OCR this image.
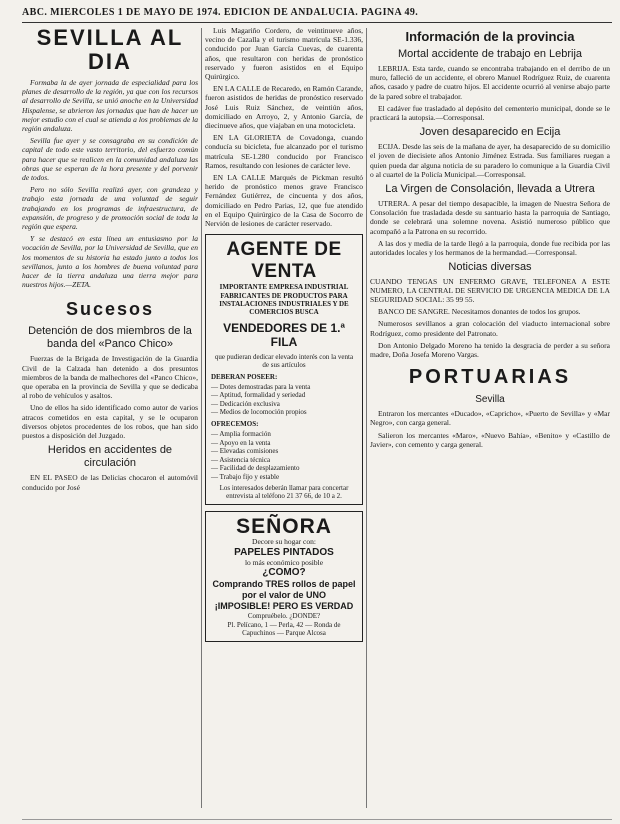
ABC. MIERCOLES 1 DE MAYO DE 1974. EDICION DE ANDALUCIA. PAGINA 49.
SEVILLA AL DIA

Formaba la de ayer jornada de especialidad para los planes de desarrollo de la región, ya que con los recursos al desarrollo de Sevilla, se unió anoche en la Universidad Hispalense, se abrieron las jornadas que han de hacer un mejor estudio con el cual se atienda a los problemas de la región andaluza.

Sevilla fue ayer y se consagraba en su condición de capital de todo este vasto territorio, del esfuerzo común para hacer que se realicen en la comunidad andaluza las obras que se esperan de la hora presente y del porvenir de todos.

Pero no sólo Sevilla realizó ayer, con grandeza y trabajo esta jornada de una voluntad de seguir trabajando en los programas de infraestructura, de expansión, de progreso y de promoción social de toda la región que espera.

Y se destacó en esta línea un entusiasmo por la vocación de Sevilla, por la Universidad de Sevilla, que en los momentos de su historia ha estado junto a todos los sevillanos, junto a los hombres de buena voluntad para hacer de la tierra andaluza una tierra mejor para nuestros hijos.—ZETA.

Sucesos
Detención de dos miembros de la banda del «Panco Chico»

Fuerzas de la Brigada de Investigación de la Guardia Civil de la Calzada han detenido a dos presuntos miembros de la banda de malhechores del «Panco Chico», que operaba en la provincia de Sevilla y que se dedicaba al robo de vehículos y asaltos.

Uno de ellos ha sido identificado como autor de varios atracos cometidos en esta capital, y se le ocuparon diversos objetos procedentes de los robos, que han sido puestos a disposición del Juzgado.

Heridos en accidentes de circulación

EN EL PASEO de las Delicias chocaron el automóvil conducido por José

Luis Magariño Cordero, de veintinueve años, vecino de Cazalla y el turismo matrícula SE-1.336, conducido por Juan García Cuevas, de cuarenta años, que resultaron con heridas de pronóstico reservado y fueron asistidos en el Equipo Quirúrgico.

EN LA CALLE de Recaredo, en Ramón Carande, fueron asistidos de heridas de pronóstico reservado José Luis Ruiz Sánchez, de veintiún años, domiciliado en Arroyo, 2, y Antonio García, de diecinueve años, que viajaban en una motocicleta.

EN LA GLORIETA de Covadonga, cuando conducía su bicicleta, fue alcanzado por el turismo matrícula SE-1.280 conducido por Francisco Ramos, resultando con lesiones de carácter leve.

EN LA CALLE Marqués de Pickman resultó herido de pronóstico menos grave Francisco Fernández Gutiérrez, de cincuenta y dos años, domiciliado en Pedro Parias, 12, que fue atendido en el Equipo Quirúrgico de la Casa de Socorro de Nervión de lesiones de carácter reservado.

AGENTE DE VENTA
IMPORTANTE EMPRESA INDUSTRIAL
FABRICANTES DE PRODUCTOS PARA INSTALACIONES INDUSTRIALES Y DE COMERCIOS BUSCA
VENDEDORES DE 1.ª FILA
que pudieran dedicar elevado interés con la venta de sus artículos
DEBERAN POSEER:
— Dotes demostradas para la venta
— Aptitud, formalidad y seriedad
— Dedicación exclusiva
— Medios de locomoción propios
OFRECEMOS:
— Amplia formación
— Apoyo en la venta
— Elevadas comisiones
— Asistencia técnica
— Facilidad de desplazamiento
— Trabajo fijo y estable
Los interesados deberán llamar para concertar entrevista al teléfono 21 37 66, de 10 a 2.
SEÑORA
Decore su hogar con:
PAPELES PINTADOS
lo más económico posible
¿COMO?
Comprando TRES rollos de papel por el valor de UNO
¡IMPOSIBLE! PERO ES VERDAD
Compruébelo. ¿DONDE?
Pl. Pelícano, 1 — Perla, 42 — Ronda de Capuchinos — Parque Alcosa
Información de la provincia
Mortal accidente de trabajo en Lebrija

LEBRIJA. Esta tarde, cuando se encontraba trabajando en el derribo de un muro, falleció de un accidente, el obrero Manuel Rodríguez Ruiz, de cuarenta años, casado y padre de cuatro hijos. El accidente ocurrió al venirse abajo parte de la pared sobre el trabajador.

El cadáver fue trasladado al depósito del cementerio municipal, donde se le practicará la autopsia.—Corresponsal.

Joven desaparecido en Ecija

ECIJA. Desde las seis de la mañana de ayer, ha desaparecido de su domicilio el joven de diecisiete años Antonio Jiménez Estrada. Sus familiares ruegan a quien pueda dar alguna noticia de su paradero lo comunique a la Guardia Civil o al cuartel de la Policía Municipal.—Corresponsal.

La Virgen de Consolación, llevada a Utrera

UTRERA. A pesar del tiempo desapacible, la imagen de Nuestra Señora de Consolación fue trasladada desde su santuario hasta la parroquia de Santiago, donde se celebrará una solemne novena. Asistió numeroso público que acompañó a la Patrona en su recorrido.

A las dos y media de la tarde llegó a la parroquia, donde fue recibida por las autoridades locales y los hermanos de la hermandad.—Corresponsal.

Noticias diversas
CUANDO TENGAS UN ENFERMO GRAVE, TELEFONEA A ESTE NUMERO, LA CENTRAL DE SERVICIO DE URGENCIA MEDICA DE LA SEGURIDAD SOCIAL: 35 99 55.

BANCO DE SANGRE. Necesitamos donantes de todos los grupos.

Numerosos sevillanos a gran colocación del viaducto internacional sobre Rodríguez, como presidente del Patronato.

Don Antonio Delgado Moreno ha tenido la desgracia de perder a su señora madre, Doña Josefa Moreno Vargas.

PORTUARIAS
Sevilla

Entraron los mercantes «Ducado», «Capricho», «Puerto de Sevilla» y «Mar Negro», con carga general.

Salieron los mercantes «Maro», «Nuevo Bahía», «Benito» y «Castillo de Javier», con cemento y carga general.
